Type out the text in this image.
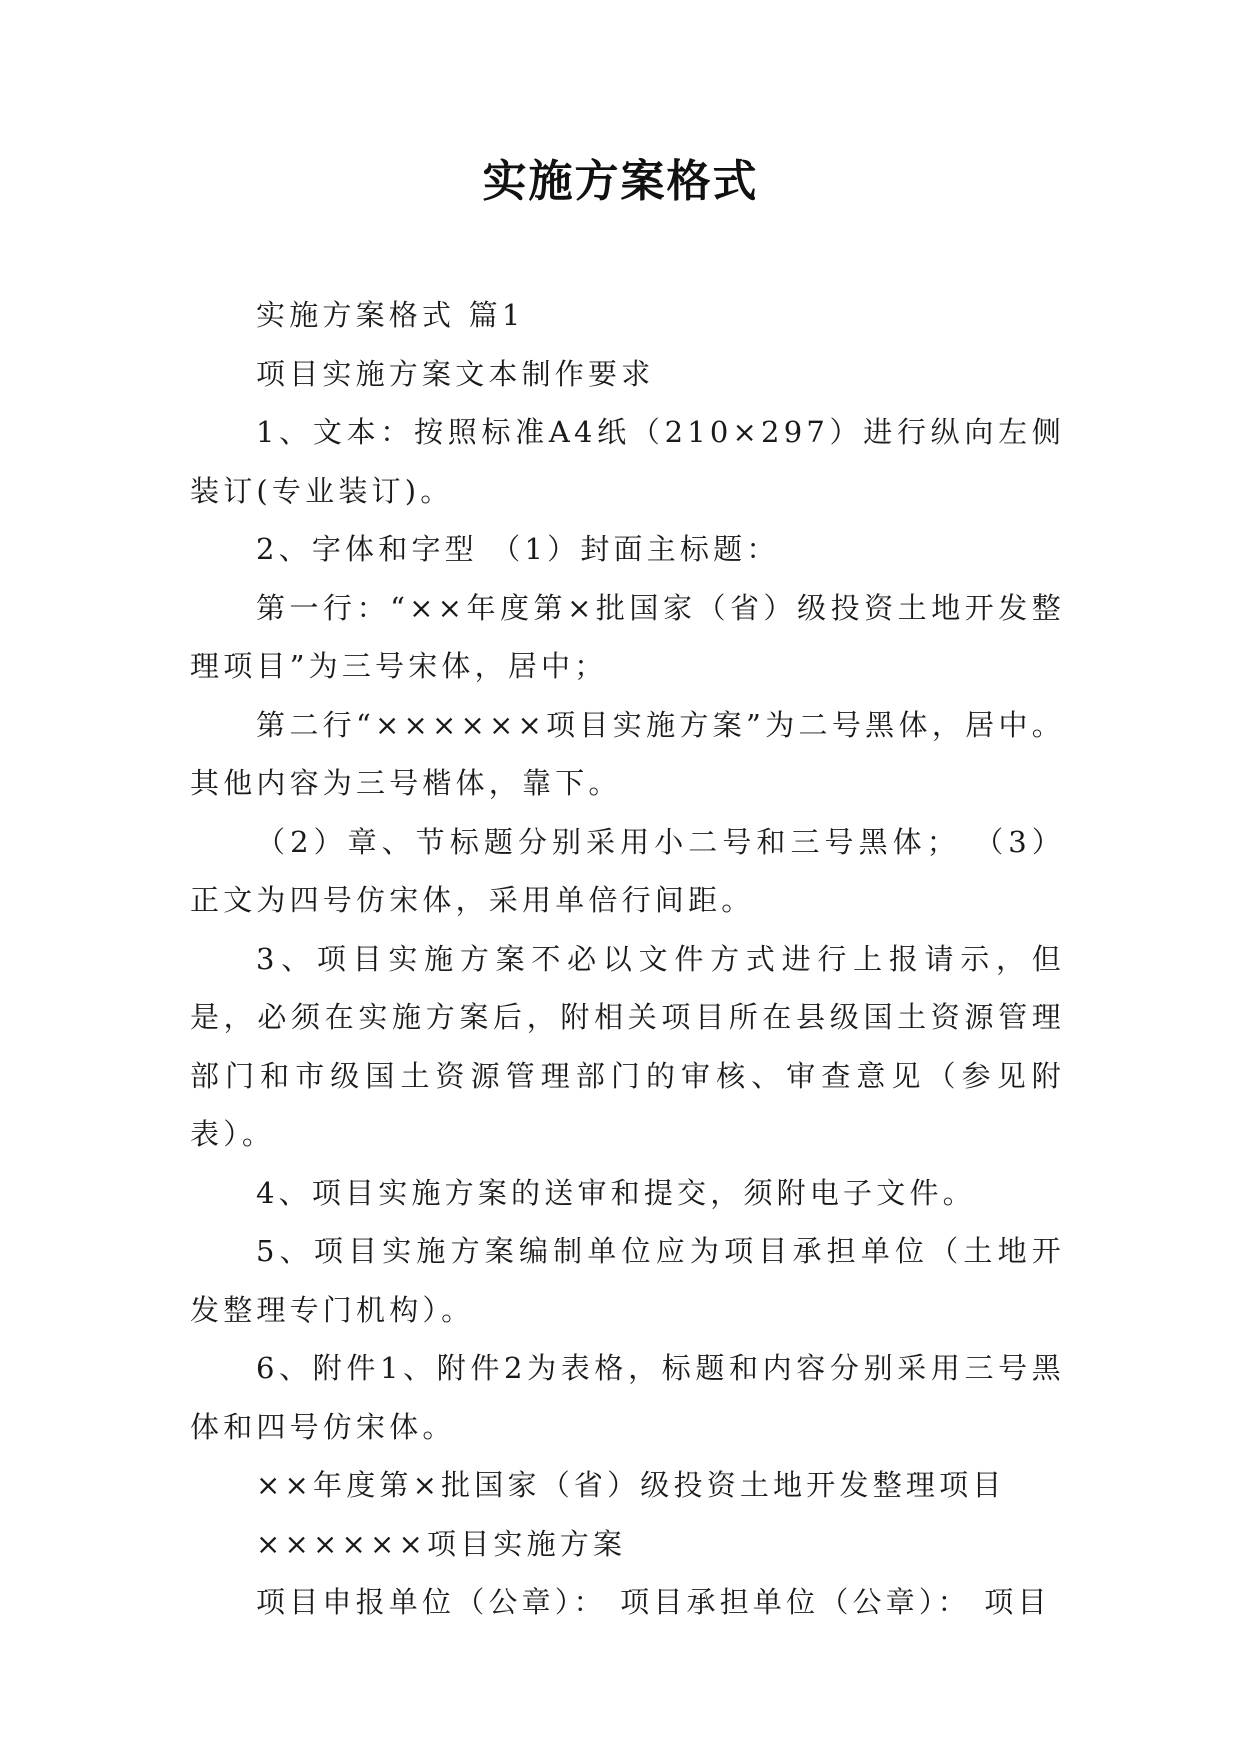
实施方案格式

实施方案格式 篇1

项目实施方案文本制作要求

1、文本：按照标准A4纸（210×297）进行纵向左侧装订(专业装订)。

2、字体和字型 （1）封面主标题：

第一行：“××年度第×批国家（省）级投资土地开发整理项目”为三号宋体，居中；

第二行“××××××项目实施方案”为二号黑体，居中。其他内容为三号楷体，靠下。

（2）章、节标题分别采用小二号和三号黑体； （3）正文为四号仿宋体，采用单倍行间距。

3、项目实施方案不必以文件方式进行上报请示，但是，必须在实施方案后，附相关项目所在县级国土资源管理部门和市级国土资源管理部门的审核、审查意见（参见附表）。

4、项目实施方案的送审和提交，须附电子文件。

5、项目实施方案编制单位应为项目承担单位（土地开发整理专门机构）。

6、附件1、附件2为表格，标题和内容分别采用三号黑体和四号仿宋体。

××年度第×批国家（省）级投资土地开发整理项目

××××××项目实施方案

项目申报单位（公章）： 项目承担单位（公章）： 项目
